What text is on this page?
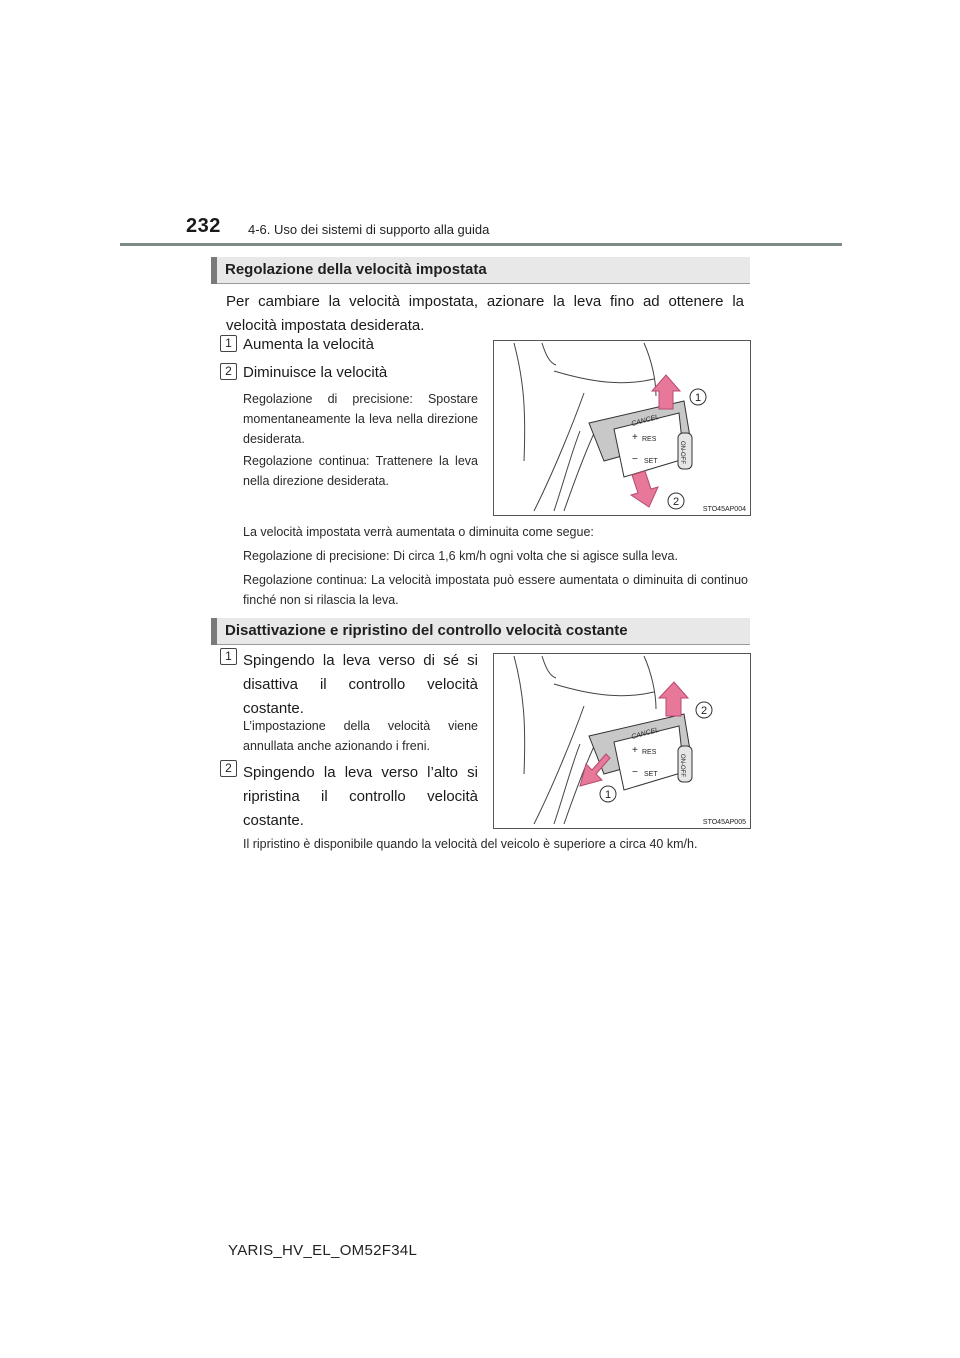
232 4-6. Uso dei sistemi di supporto alla guida
Regolazione della velocità impostata
Per cambiare la velocità impostata, azionare la leva fino ad ottenere la velocità impostata desiderata.
1 Aumenta la velocità
2 Diminuisce la velocità
Regolazione di precisione: Spostare momentaneamente la leva nella direzione desiderata.
Regolazione continua: Trattenere la leva nella direzione desiderata.
CANCEL
RES
SET	ON-OFF
+
−
1
2
STO45AP004
La velocità impostata verrà aumentata o diminuita come segue:
Regolazione di precisione: Di circa 1,6 km/h ogni volta che si agisce sulla leva.
Regolazione continua: La velocità impostata può essere aumentata o diminuita di continuo finché non si rilascia la leva.
Disattivazione e ripristino del controllo velocità costante
1 Spingendo la leva verso di sé si disattiva il controllo velocità costante.
L’impostazione della velocità viene annullata anche azionando i freni.
2 Spingendo la leva verso l’alto si ripristina il controllo velocità costante.
CANCEL
RES
SET	ON-OFF
+
−
2
1
STO45AP005
Il ripristino è disponibile quando la velocità del veicolo è superiore a circa 40 km/h.
YARIS_HV_EL_OM52F34L
